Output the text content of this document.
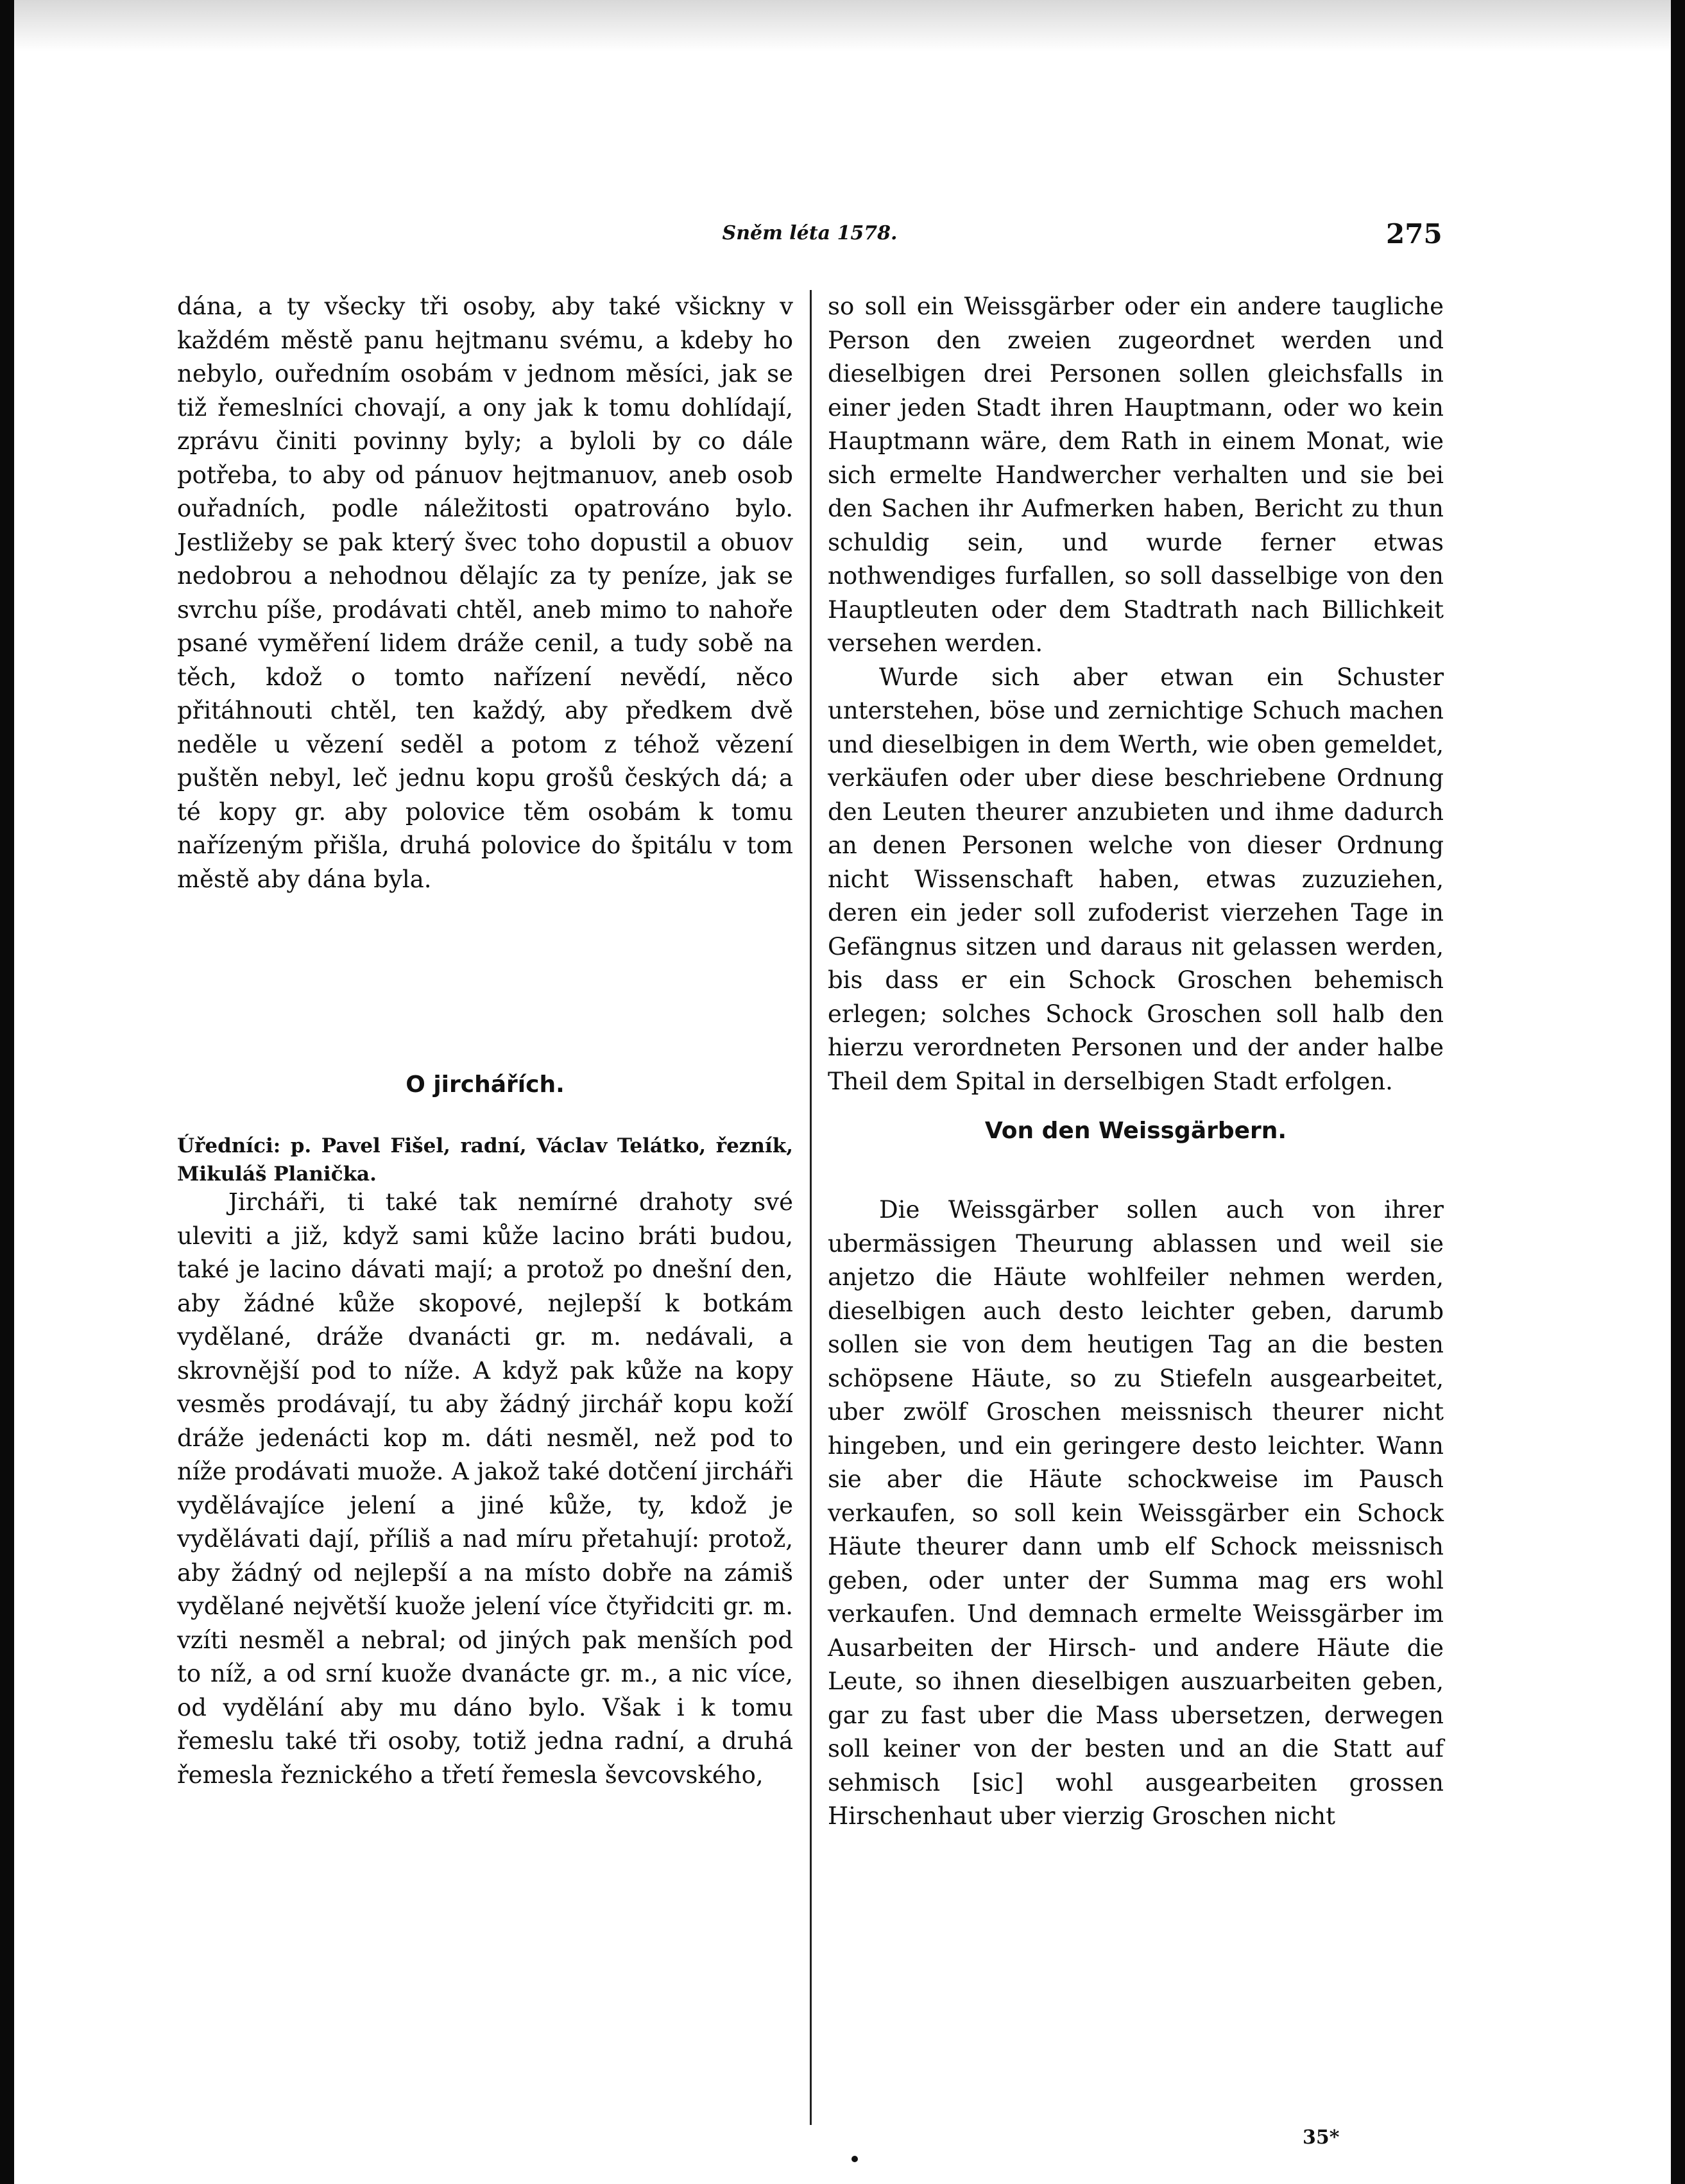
Sněm léta 1578.	275

dána, a ty všecky tři osoby, aby také všickny v každém městě panu hejtmanu svému, a kdeby ho nebylo, ouředním osobám v jednom měsíci, jak se tiž řemeslníci chovají, a ony jak k tomu dohlídají, zprávu činiti povinny byly; a byloli by co dále potřeba, to aby od pánuov hejtmanuov, aneb osob ouřadních, podle náležitosti opatrováno bylo. Jestližeby se pak který švec toho dopustil a obuov nedobrou a nehodnou dělajíc za ty peníze, jak se svrchu píše, prodávati chtěl, aneb mimo to nahoře psané vyměření lidem dráže cenil, a tudy sobě na těch, kdož o tomto nařízení nevědí, něco přitáhnouti chtěl, ten každý, aby předkem dvě neděle u vězení seděl a potom z téhož vězení puštěn nebyl, leč jednu kopu grošů českých dá; a té kopy gr. aby polovice těm osobám k tomu nařízeným přišla, druhá polovice do špitálu v tom městě aby dána byla.

O jirchářích.
Úředníci: p. Pavel Fišel, radní, Václav Telátko, řezník, Mikuláš Planička.

Jircháři, ti také tak nemírné drahoty své uleviti a již, když sami kůže lacino bráti budou, také je lacino dávati mají; a protož po dnešní den, aby žádné kůže skopové, nejlepší k botkám vydělané, dráže dvanácti gr. m. nedávali, a skrovnější pod to níže. A když pak kůže na kopy vesměs prodávají, tu aby žádný jirchář kopu koží dráže jedenácti kop m. dáti nesměl, než pod to níže prodávati muože. A jakož také dotčení jircháři vydělávajíce jelení a jiné kůže, ty, kdož je vydělávati dají, příliš a nad míru přetahují: protož, aby žádný od nejlepší a na místo dobře na zámiš vydělané největší kuože jelení více čtyřidciti gr. m. vzíti nesměl a nebral; od jiných pak menších pod to níž, a od srní kuože dvanácte gr. m., a nic více, od vydělání aby mu dáno bylo. Však i k tomu řemeslu také tři osoby, totiž jedna radní, a druhá řemesla řeznického a třetí řemesla ševcovského,

so soll ein Weissgärber oder ein andere taugliche Person den zweien zugeordnet werden und dieselbigen drei Personen sollen gleichsfalls in einer jeden Stadt ihren Hauptmann, oder wo kein Hauptmann wäre, dem Rath in einem Monat, wie sich ermelte Handwercher verhalten und sie bei den Sachen ihr Aufmerken haben, Bericht zu thun schuldig sein, und wurde ferner etwas nothwendiges furfallen, so soll dasselbige von den Hauptleuten oder dem Stadtrath nach Billichkeit versehen werden.

Wurde sich aber etwan ein Schuster unterstehen, böse und zernichtige Schuch machen und dieselbigen in dem Werth, wie oben gemeldet, verkäufen oder uber diese beschriebene Ordnung den Leuten theurer anzubieten und ihme dadurch an denen Personen welche von dieser Ordnung nicht Wissenschaft haben, etwas zuzuziehen, deren ein jeder soll zufoderist vierzehen Tage in Gefängnus sitzen und daraus nit gelassen werden, bis dass er ein Schock Groschen behemisch erlegen; solches Schock Groschen soll halb den hierzu verordneten Personen und der ander halbe Theil dem Spital in derselbigen Stadt erfolgen.

Von den Weissgärbern.

Die Weissgärber sollen auch von ihrer ubermässigen Theurung ablassen und weil sie anjetzo die Häute wohlfeiler nehmen werden, dieselbigen auch desto leichter geben, darumb sollen sie von dem heutigen Tag an die besten schöpsene Häute, so zu Stiefeln ausgearbeitet, uber zwölf Groschen meissnisch theurer nicht hingeben, und ein geringere desto leichter. Wann sie aber die Häute schockweise im Pausch verkaufen, so soll kein Weissgärber ein Schock Häute theurer dann umb elf Schock meissnisch geben, oder unter der Summa mag ers wohl verkaufen. Und demnach ermelte Weissgärber im Ausarbeiten der Hirsch- und andere Häute die Leute, so ihnen dieselbigen auszuarbeiten geben, gar zu fast uber die Mass ubersetzen, derwegen soll keiner von der besten und an die Statt auf sehmisch [sic] wohl ausgearbeiten grossen Hirschenhaut uber vierzig Groschen nicht

35*
